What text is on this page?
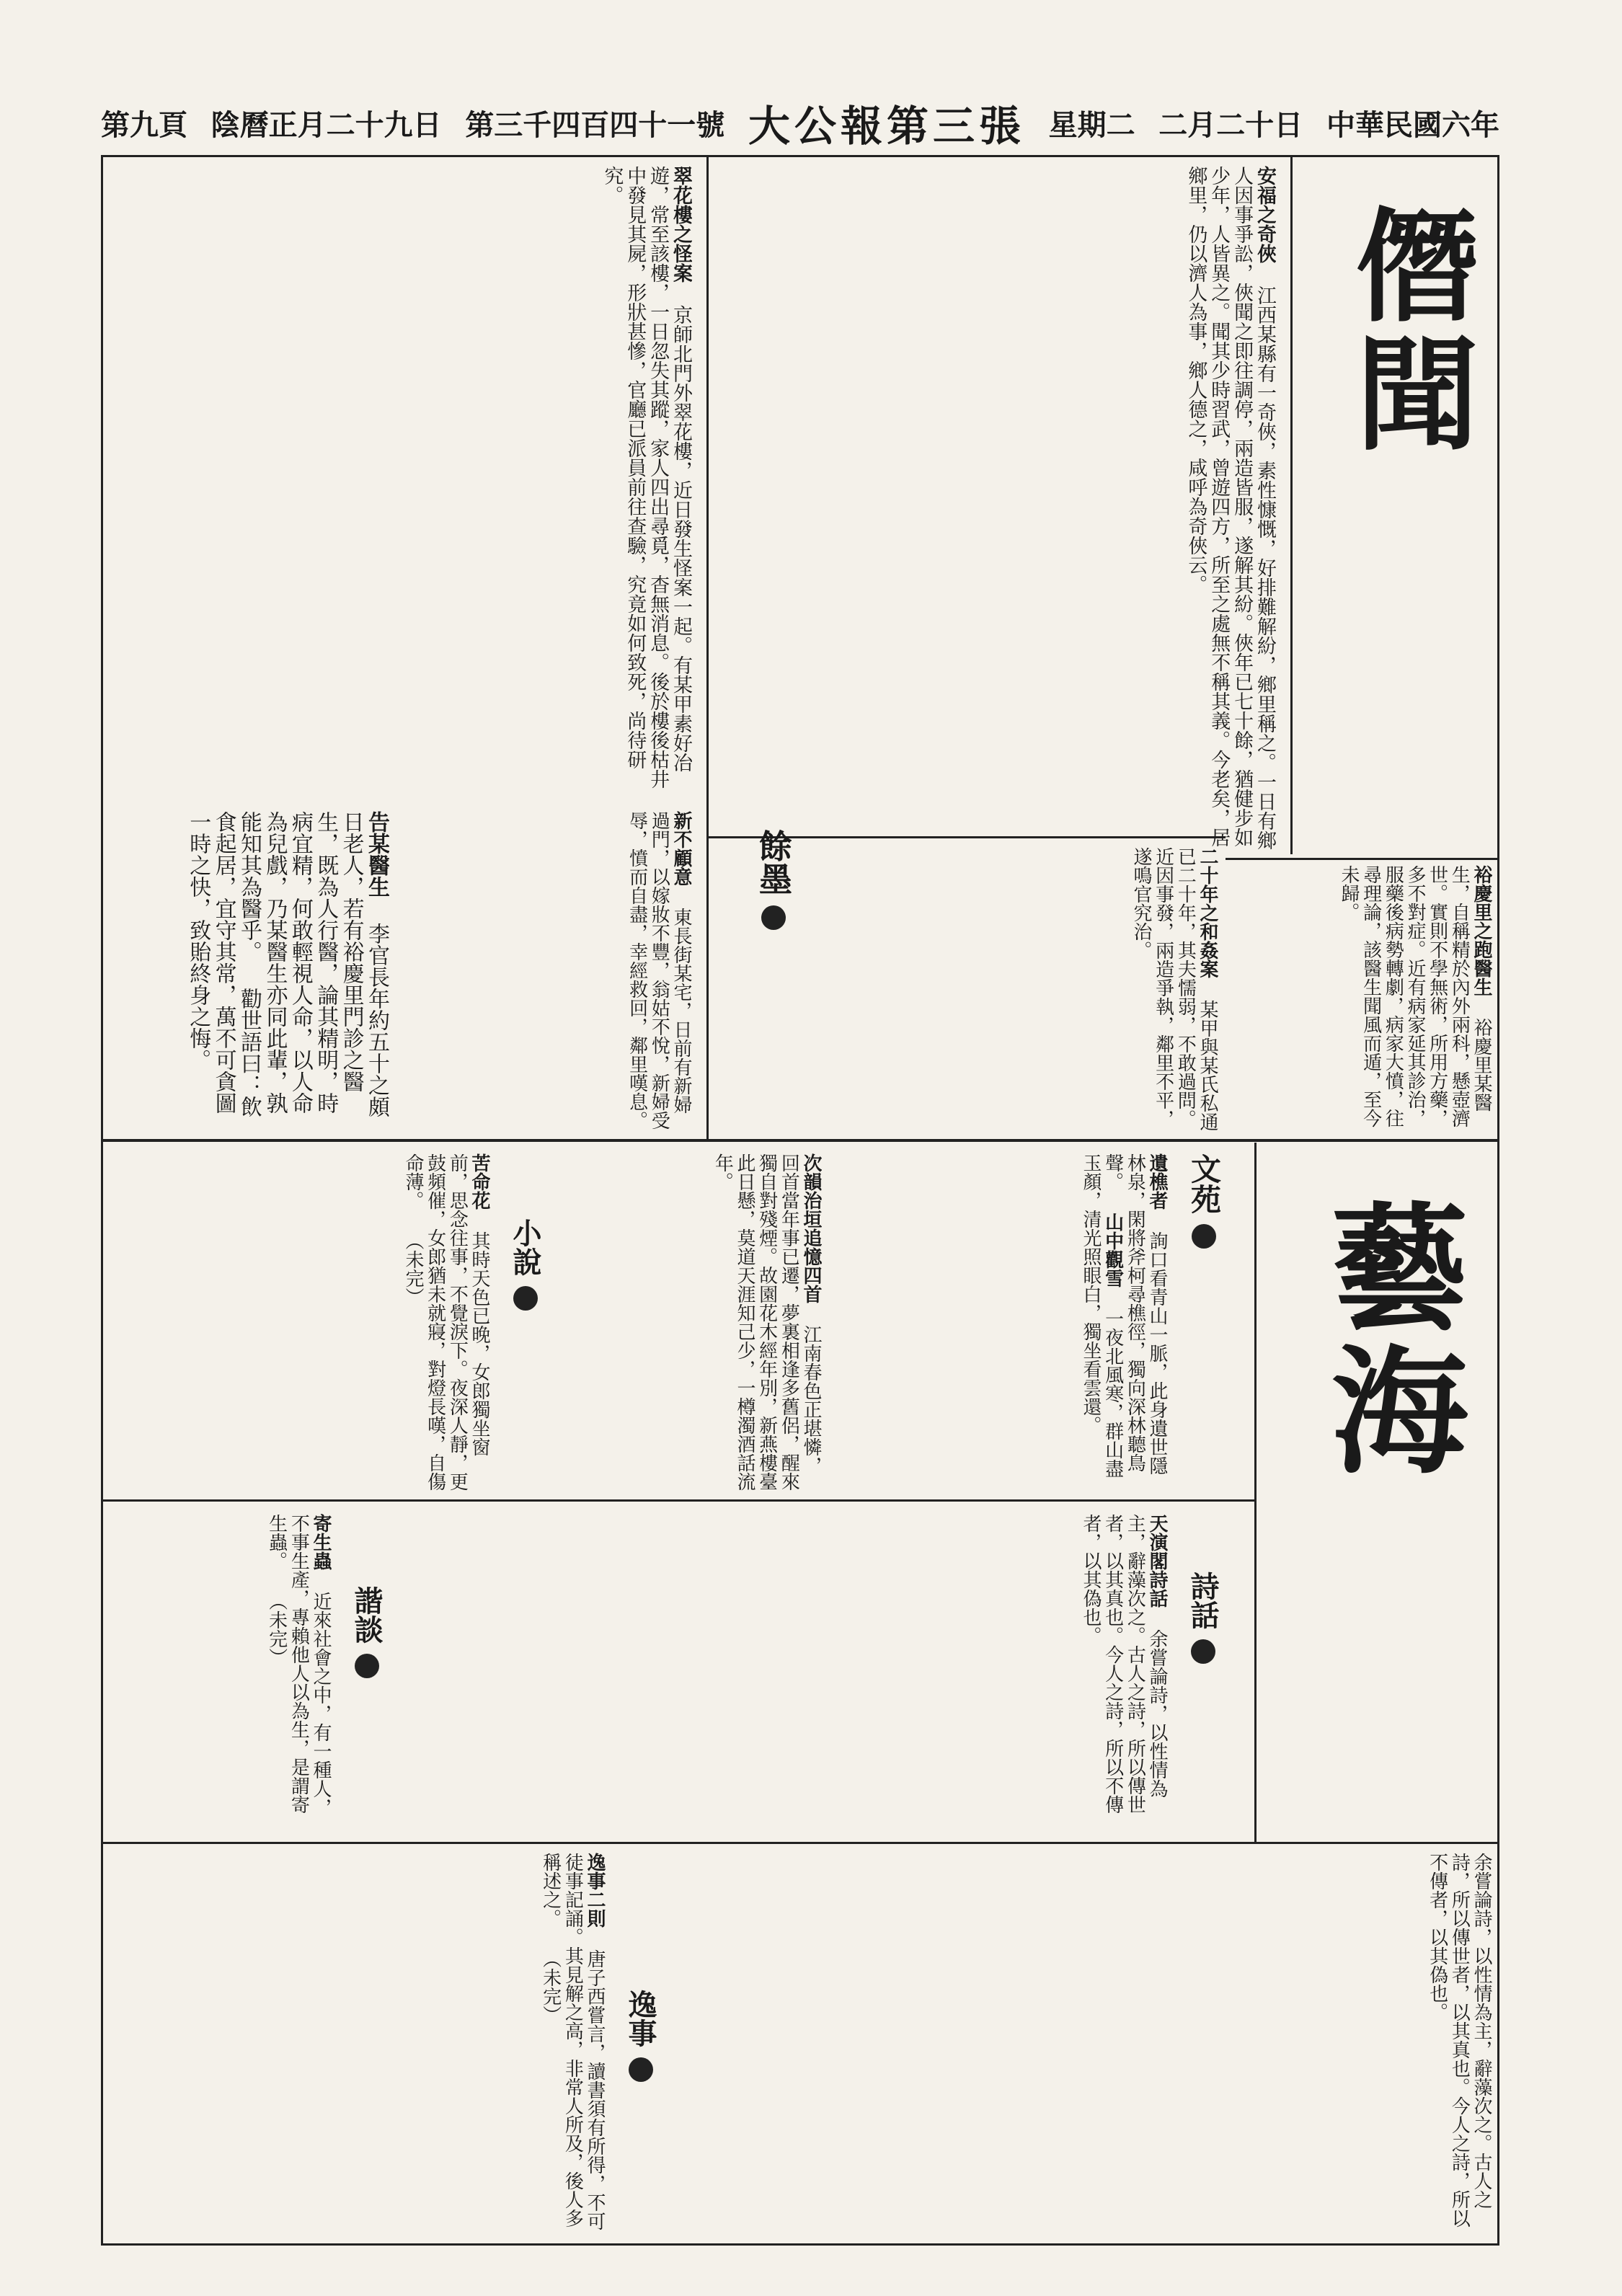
中華民國六年
二月二十日
星期二
大公報第三張
第三千四百四十一號
陰曆正月二十九日
第九頁
僭聞
藝海
安福之奇俠 江西某縣有一奇俠，素性慷慨，好排難解紛，鄉里稱之。一日有鄉人因事爭訟，俠聞之即往調停，兩造皆服，遂解其紛。俠年已七十餘，猶健步如少年，人皆異之。聞其少時習武，曾遊四方，所至之處無不稱其義。今老矣，居鄉里，仍以濟人為事，鄉人德之，咸呼為奇俠云。
翠花樓之怪案 京師北門外翠花樓，近日發生怪案一起。有某甲素好冶遊，常至該樓，一日忽失其蹤，家人四出尋覓，杳無消息。後於樓後枯井中發見其屍，形狀甚慘，官廳已派員前往查驗，究竟如何致死，尚待研究。
裕慶里之跑醫生 裕慶里某醫生，自稱精於內外兩科，懸壺濟世。實則不學無術，所用方藥，多不對症。近有病家延其診治，服藥後病勢轉劇，病家大憤，往尋理論，該醫生聞風而遁，至今未歸。
二十年之和姦案 某甲與某氏私通已二十年，其夫懦弱，不敢過問。近因事發，兩造爭執，鄰里不平，遂鳴官究治。
新不顧意 東長街某宅，日前有新婦過門，以嫁妝不豐，翁姑不悅，新婦受辱，憤而自盡，幸經救回，鄰里嘆息。	餘墨
告某醫生 李官長年約五十之頗日老人，若有裕慶里門診之醫生，既為人行醫，論其精明，時病宜精，何敢輕視人命，以人命為兒戲，乃某醫生亦同此輩，孰能知其為醫乎。 勸世語曰：飲食起居，宜守其常，萬不可貪圖一時之快，致貽終身之悔。
文苑
遺樵者 詢口看青山一脈，此身遺世隱林泉，閑將斧柯尋樵徑，獨向深林聽鳥聲。 山中觀雪 一夜北風寒，群山盡玉顏，清光照眼白，獨坐看雲還。
次韻治垣追憶四首 江南春色正堪憐，回首當年事已遷，夢裏相逢多舊侶，醒來獨自對殘煙。故園花木經年別，新燕樓臺此日懸，莫道天涯知己少，一樽濁酒話流年。
小說
苦命花 其時天色已晚，女郎獨坐窗前，思念往事，不覺淚下。夜深人靜，更鼓頻催，女郎猶未就寢，對燈長嘆，自傷命薄。 （未完）
詩話
天演閣詩話 余嘗論詩，以性情為主，辭藻次之。古人之詩，所以傳世者，以其真也。今人之詩，所以不傳者，以其偽也。
諧談
寄生蟲 近來社會之中，有一種人，不事生產，專賴他人以為生，是謂寄生蟲。 （未完）
逸事
逸事二則 唐子西嘗言，讀書須有所得，不可徒事記誦。其見解之高，非常人所及，後人多稱述之。 （未完）	余嘗論詩，以性情為主，辭藻次之。古人之詩，所以傳世者，以其真也。今人之詩，所以不傳者，以其偽也。
